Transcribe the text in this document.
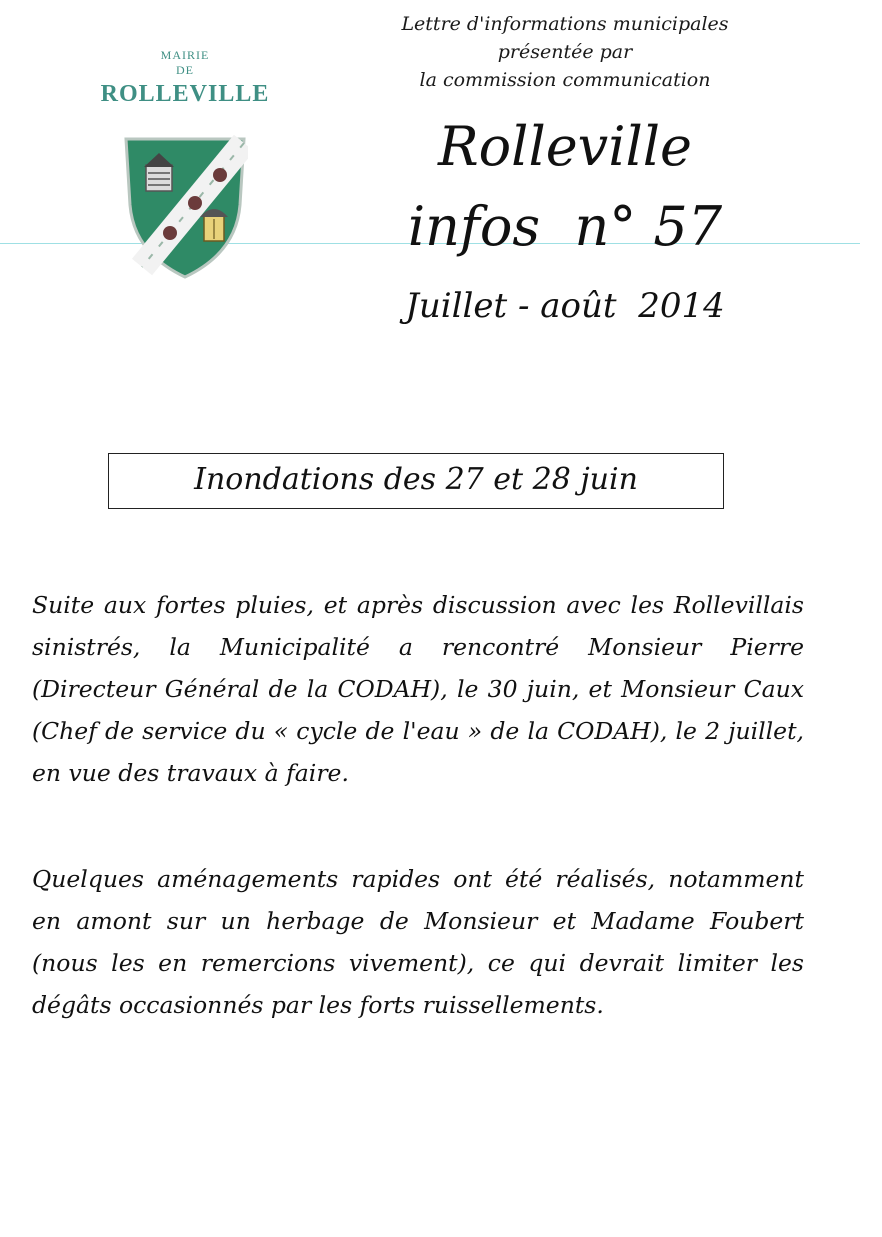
MAIRIE
DE
ROLLEVILLE
Lettre d'informations municipales
présentée par
la commission communication
Rolleville
infos  n° 57
Juillet - août  2014
Inondations des 27 et 28 juin

Suite aux fortes pluies, et après discussion avec les Rollevillais sinistrés, la Municipalité a rencontré Monsieur Pierre (Directeur Général de la CODAH), le 30 juin, et Monsieur Caux (Chef de service du « cycle de l'eau » de la CODAH), le 2 juillet, en vue des travaux à faire.

Quelques aménagements rapides ont été réalisés, notamment en amont sur un herbage de Monsieur et Madame Foubert (nous les en remercions vivement), ce qui devrait limiter les dégâts occasionnés par les forts ruissellements.
